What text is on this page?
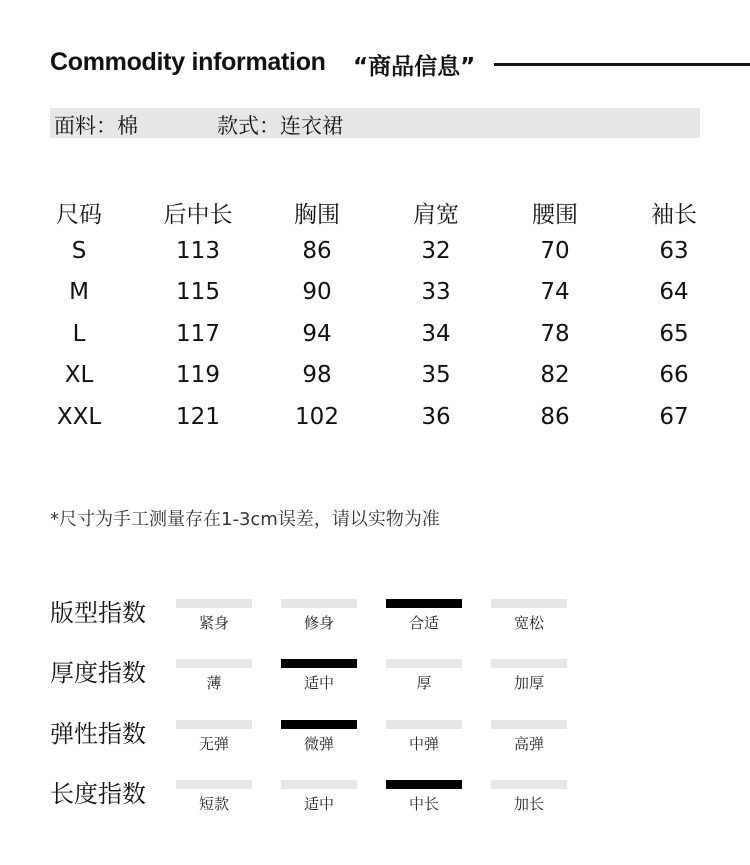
Commodity information “商品信息”
面料：棉	款式：连衣裙
尺码	后中长	胸围	肩宽	腰围	袖长
S	113	86	32	70	63
M	115	90	33	74	64
L	117	94	34	78	65
XL	119	98	35	82	66
XXL	121	102	36	86	67
*尺寸为手工测量存在1-3cm误差，请以实物为准
版型指数	紧身	修身	合适	宽松
厚度指数	薄	适中	厚	加厚
弹性指数	无弹	微弹	中弹	高弹
长度指数	短款	适中	中长	加长
